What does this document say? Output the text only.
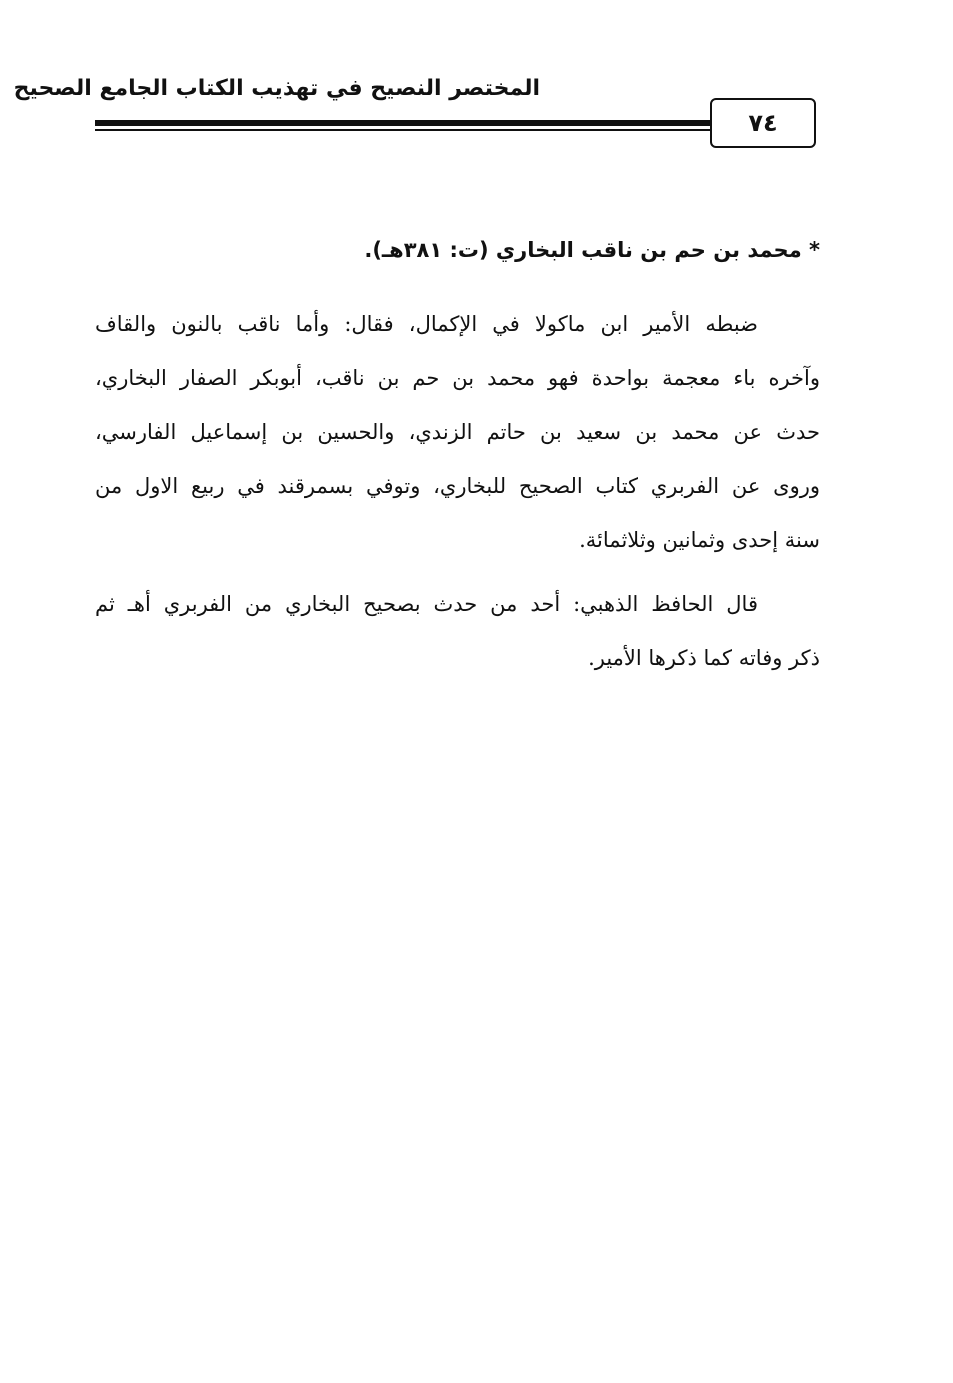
المختصر النصيح في تهذيب الكتاب الجامع الصحيح
٧٤
* محمد بن حم بن ناقب البخاري (ت: ٣٨١هـ).
ضبطه الأمير ابن ماكولا في الإكمال، فقال: وأما ناقب بالنون والقاف
وآخره باء معجمة بواحدة فهو محمد بن حم بن ناقب، أبوبكر الصفار البخاري،
حدث عن محمد بن سعيد بن حاتم الزندي، والحسين بن إسماعيل الفارسي،
وروى عن الفربري كتاب الصحيح للبخاري، وتوفي بسمرقند في ربيع الاول من
سنة إحدى وثمانين وثلاثمائة.
قال الحافظ الذهبي: أحد من حدث بصحيح البخاري من الفربري أهـ ثم
ذكر وفاته كما ذكرها الأمير.
